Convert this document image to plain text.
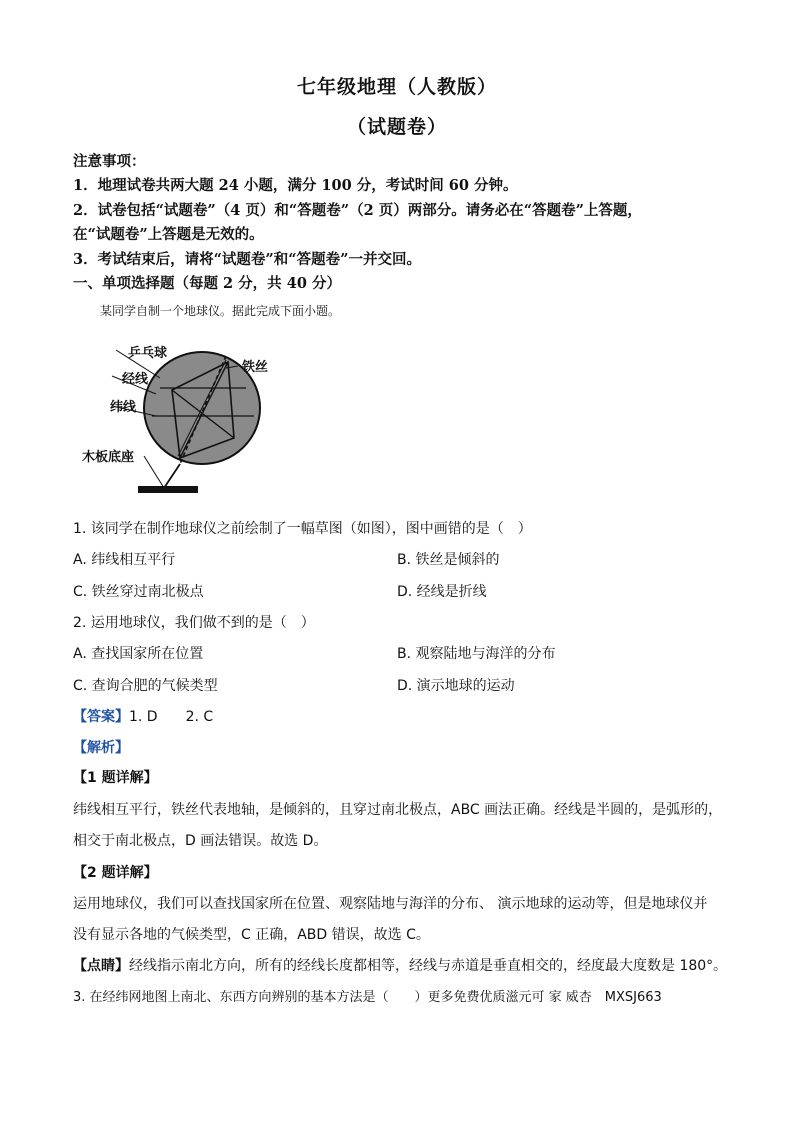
七年级地理（人教版）
（试题卷）
注意事项：
1．地理试卷共两大题 24 小题，满分 100 分，考试时间 60 分钟。
2．试卷包括“试题卷”（4 页）和“答题卷”（2 页）两部分。请务必在“答题卷”上答题，
在“试题卷”上答题是无效的。
3．考试结束后，请将“试题卷”和“答题卷”一并交回。
一、单项选择题（每题 2 分，共 40 分）
某同学自制一个地球仪。据此完成下面小题。
乒乓球
经线
纬线
铁丝
木板底座
1. 该同学在制作地球仪之前绘制了一幅草图（如图），图中画错的是（　）
A. 纬线相互平行	B. 铁丝是倾斜的
C. 铁丝穿过南北极点	D. 经线是折线
2. 运用地球仪，我们做不到的是（　）
A. 查找国家所在位置	B. 观察陆地与海洋的分布
C. 查询合肥的气候类型	D. 演示地球的运动
【答案】1. D　　2. C
【解析】
【1 题详解】
纬线相互平行，铁丝代表地轴，是倾斜的，且穿过南北极点，ABC 画法正确。经线是半圆的，是弧形的，
相交于南北极点，D 画法错误。故选 D。
【2 题详解】
运用地球仪，我们可以查找国家所在位置、观察陆地与海洋的分布、 演示地球的运动等，但是地球仪并
没有显示各地的气候类型，C 正确，ABD 错误，故选 C。
【点睛】经线指示南北方向，所有的经线长度都相等，经线与赤道是垂直相交的，经度最大度数是 180°。
3. 在经纬网地图上南北、东西方向辨别的基本方法是（　　）更多免费优质滋元可 家 威杏　MXSJ663
